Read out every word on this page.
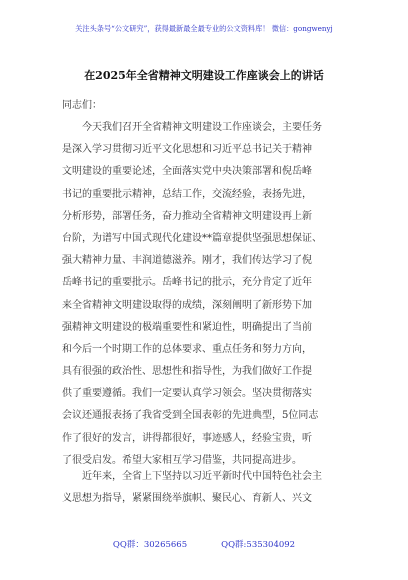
关注头条号“公文研究”，获得最新最全最专业的公文资料库！ 微信：gongwenyj
在2025年全省精神文明建设工作座谈会上的讲话
同志们：
今天我们召开全省精神文明建设工作座谈会，主要任务
是深入学习贯彻习近平文化思想和习近平总书记关于精神
文明建设的重要论述，全面落实党中央决策部署和倪岳峰
书记的重要批示精神，总结工作，交流经验，表扬先进，
分析形势，部署任务，奋力推动全省精神文明建设再上新
台阶，为谱写中国式现代化建设**篇章提供坚强思想保证、
强大精神力量、丰润道德滋养。刚才，我们传达学习了倪
岳峰书记的重要批示。岳峰书记的批示，充分肯定了近年
来全省精神文明建设取得的成绩，深刻阐明了新形势下加
强精神文明建设的极端重要性和紧迫性，明确提出了当前
和今后一个时期工作的总体要求、重点任务和努力方向，
具有很强的政治性、思想性和指导性，为我们做好工作提
供了重要遵循。我们一定要认真学习领会。坚决贯彻落实
会议还通报表扬了我省受到全国表彰的先进典型，5位同志
作了很好的发言，讲得都很好，事迹感人，经验宝贵，听
了很受启发。希望大家相互学习借鉴，共同提高进步。
近年来，全省上下坚持以习近平新时代中国特色社会主
义思想为指导，紧紧围绕举旗帜、聚民心、育新人、兴文
QQ群：30265665	QQ群:535304092
